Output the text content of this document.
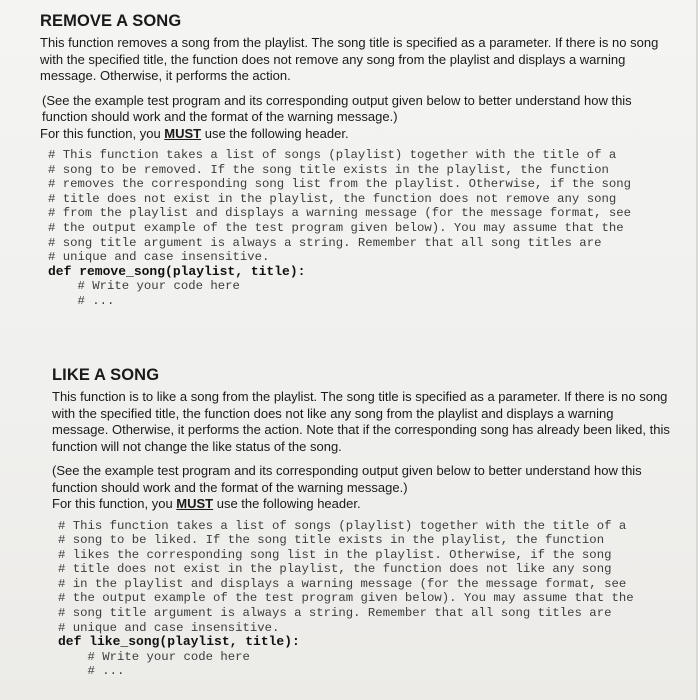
REMOVE A SONG

This function removes a song from the playlist. The song title is specified as a parameter. If there is no song with the specified title, the function does not remove any song from the playlist and displays a warning message. Otherwise, it performs the action.

(See the example test program and its corresponding output given below to better understand how this function should work and the format of the warning message.)

For this function, you MUST use the following header.

# This function takes a list of songs (playlist) together with the title of a
# song to be removed. If the song title exists in the playlist, the function
# removes the corresponding song list from the playlist. Otherwise, if the song
# title does not exist in the playlist, the function does not remove any song
# from the playlist and displays a warning message (for the message format, see
# the output example of the test program given below). You may assume that the
# song title argument is always a string. Remember that all song titles are
# unique and case insensitive.
def remove_song(playlist, title):
# Write your code here
# ...
LIKE A SONG

This function is to like a song from the playlist. The song title is specified as a parameter. If there is no song with the specified title, the function does not like any song from the playlist and displays a warning message. Otherwise, it performs the action. Note that if the corresponding song has already been liked, this function will not change the like status of the song.

(See the example test program and its corresponding output given below to better understand how this function should work and the format of the warning message.)

For this function, you MUST use the following header.

# This function takes a list of songs (playlist) together with the title of a
# song to be liked. If the song title exists in the playlist, the function
# likes the corresponding song list in the playlist. Otherwise, if the song
# title does not exist in the playlist, the function does not like any song
# in the playlist and displays a warning message (for the message format, see
# the output example of the test program given below). You may assume that the
# song title argument is always a string. Remember that all song titles are
# unique and case insensitive.
def like_song(playlist, title):
# Write your code here
# ...
